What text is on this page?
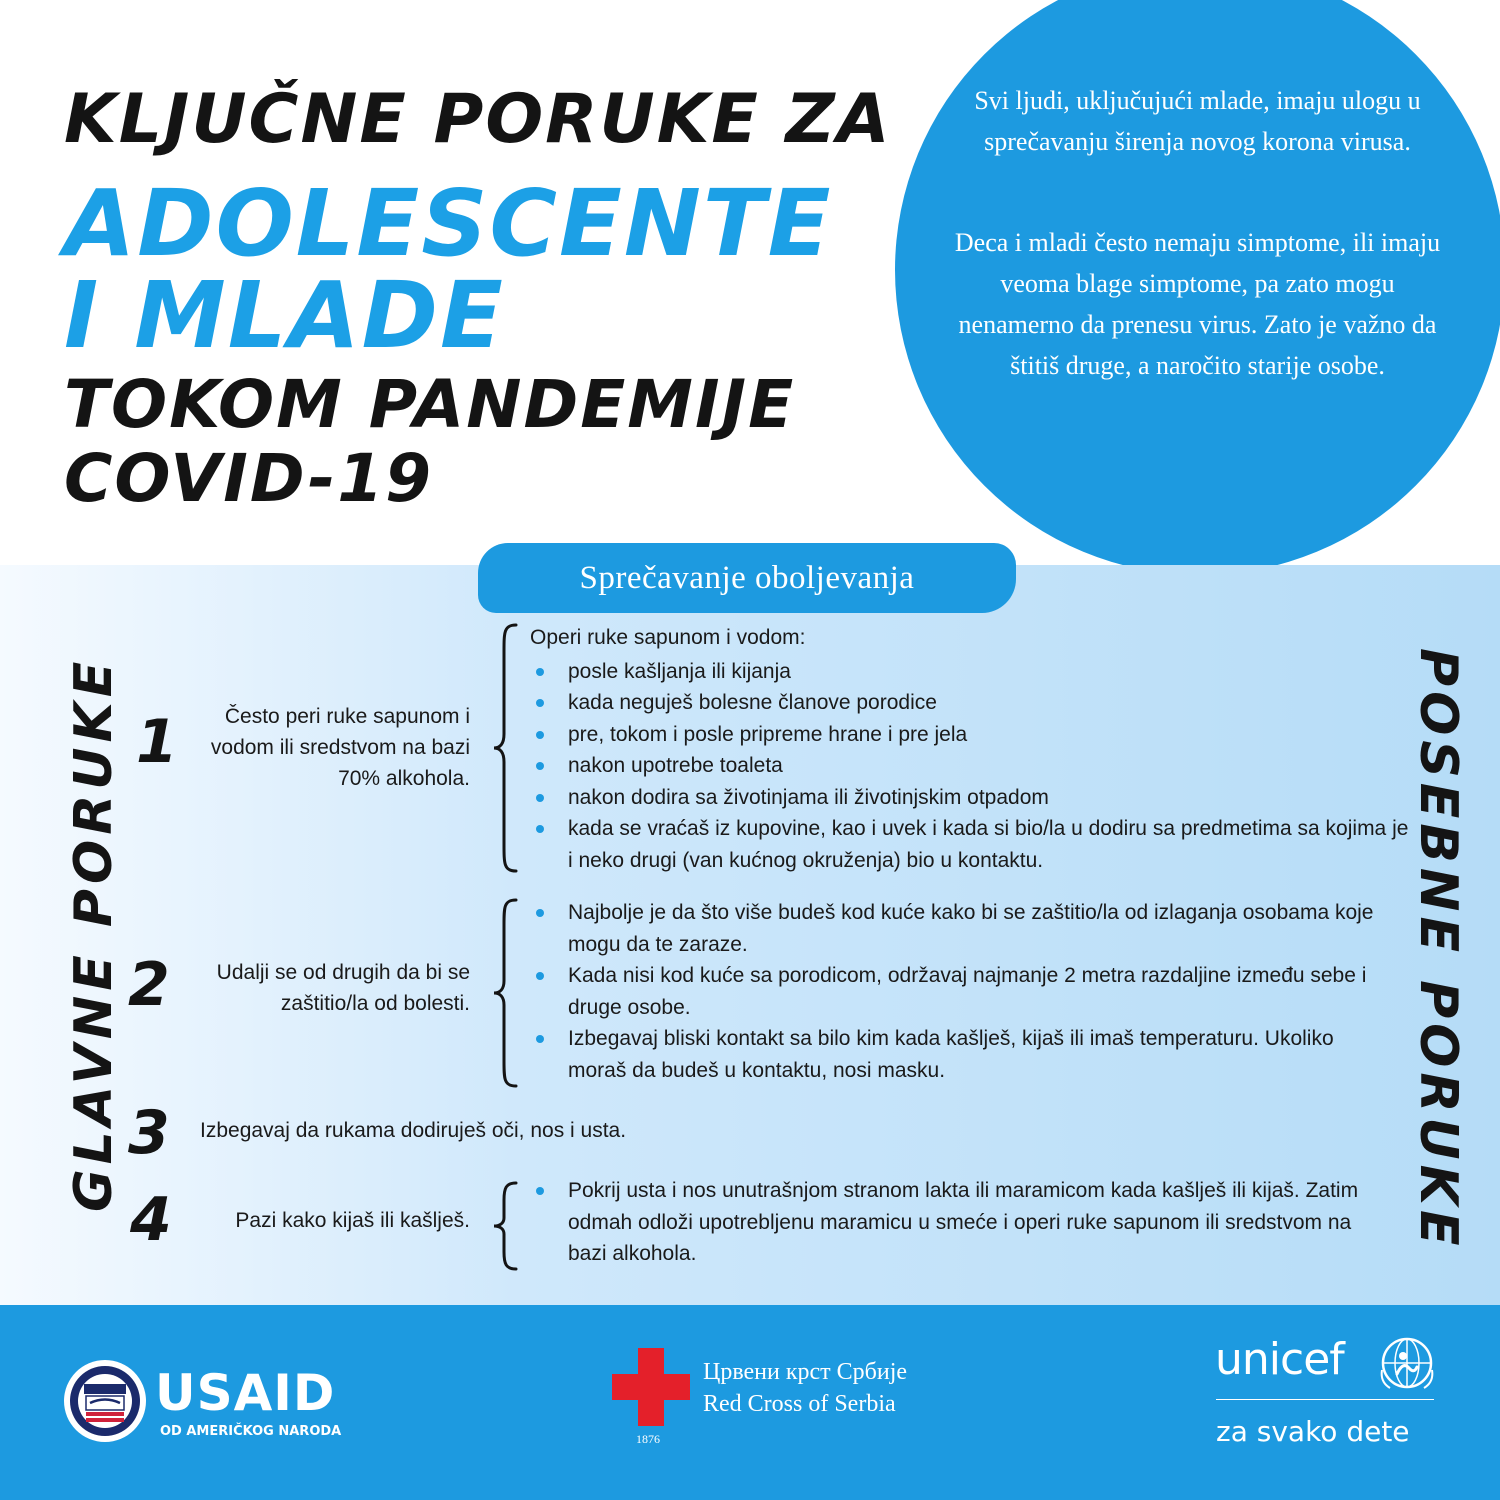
KLJUČNE PORUKE ZA
ADOLESCENTE
I MLADE
TOKOM PANDEMIJE
COVID-19
Svi ljudi, uključujući mlade, imaju ulogu u sprečavanju širenja novog korona virusa.
Deca i mladi često nemaju simptome, ili imaju veoma blage simptome, pa zato mogu nenamerno da prenesu virus. Zato je važno da štitiš druge, a naročito starije osobe.
Sprečavanje oboljevanja
GLAVNE PORUKE	POSEBNE PORUKE
1	Često peri ruke sapunom i vodom ili sredstvom na bazi 70% alkohola.
Operi ruke sapunom i vodom:
posle kašljanja ili kijanja
kada neguješ bolesne članove porodice
pre, tokom i posle pripreme hrane i pre jela
nakon upotrebe toaleta
nakon dodira sa životinjama ili životinjskim otpadom
kada se vraćaš iz kupovine, kao i uvek i kada si bio/la u dodiru sa predmetima sa kojima je i neko drugi (van kućnog okruženja) bio u kontaktu.
2	Udalji se od drugih da bi se zaštitio/la od bolesti.
Najbolje je da što više budeš kod kuće kako bi se zaštitio/la od izlaganja osobama koje mogu da te zaraze.
Kada nisi kod kuće sa porodicom, održavaj najmanje 2 metra razdaljine između sebe i druge osobe.
Izbegavaj bliski kontakt sa bilo kim kada kašlješ, kijaš ili imaš temperaturu. Ukoliko moraš da budeš u kontaktu, nosi masku.
3 Izbegavaj da rukama dodiruješ oči, nos i usta.
4	Pazi kako kijaš ili kašlješ.
Pokrij usta i nos unutrašnjom stranom lakta ili maramicom kada kašlješ ili kijaš. Zatim odmah odloži upotrebljenu maramicu u smeće i operi ruke sapunom ili sredstvom na bazi alkohola.
USAID
OD AMERIČKOG NARODA	1876
Црвени крст Србије
Red Cross of Serbia
unicef
za svako dete
